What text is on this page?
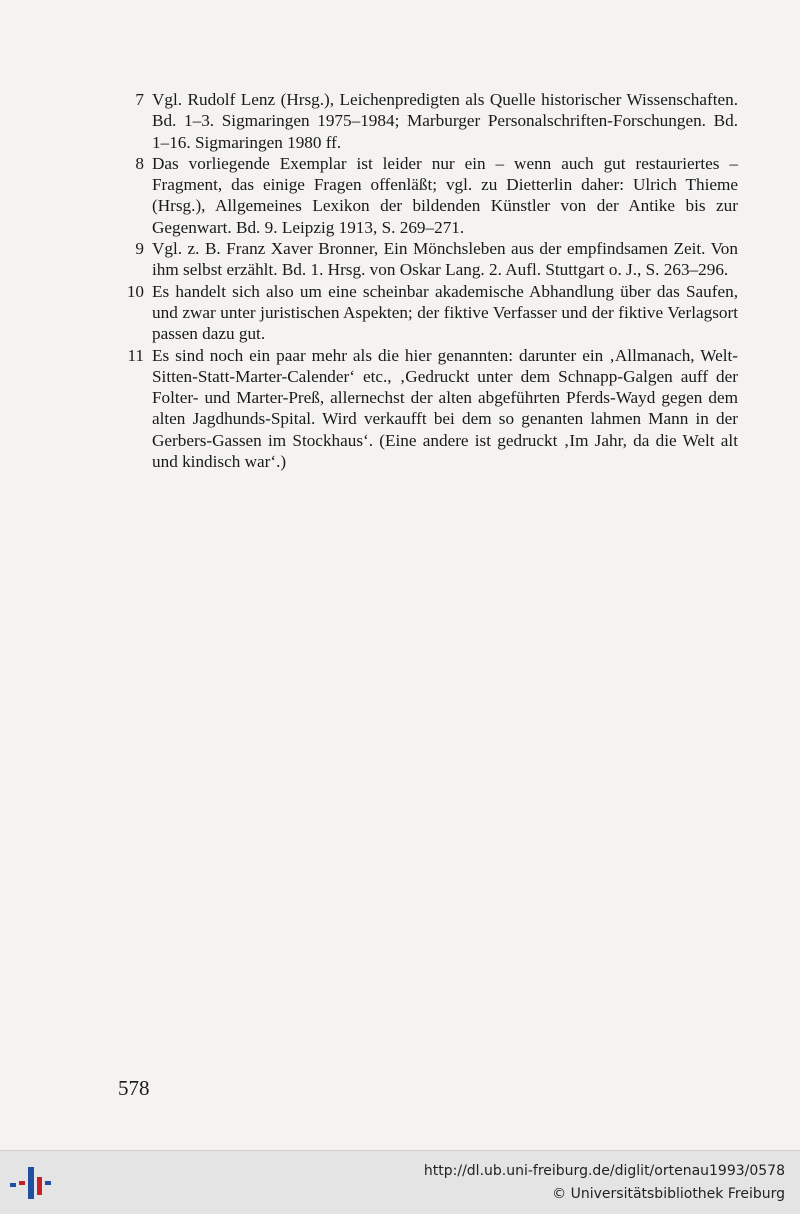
7 Vgl. Rudolf Lenz (Hrsg.), Leichenpredigten als Quelle historischer Wissenschaften. Bd. 1–3. Sigmaringen 1975–1984; Marburger Personalschriften-Forschungen. Bd. 1–16. Sigmaringen 1980 ff.
8 Das vorliegende Exemplar ist leider nur ein – wenn auch gut restauriertes – Fragment, das einige Fragen offenläßt; vgl. zu Dietterlin daher: Ulrich Thieme (Hrsg.), Allgemeines Lexikon der bildenden Künstler von der Antike bis zur Gegenwart. Bd. 9. Leipzig 1913, S. 269–271.
9 Vgl. z. B. Franz Xaver Bronner, Ein Mönchsleben aus der empfindsamen Zeit. Von ihm selbst erzählt. Bd. 1. Hrsg. von Oskar Lang. 2. Aufl. Stuttgart o. J., S. 263–296.
10 Es handelt sich also um eine scheinbar akademische Abhandlung über das Saufen, und zwar unter juristischen Aspekten; der fiktive Verfasser und der fiktive Verlagsort passen dazu gut.
11 Es sind noch ein paar mehr als die hier genannten: darunter ein ‚Allmanach, Welt-Sitten-Statt-Marter-Calender‘ etc., ‚Gedruckt unter dem Schnapp-Galgen auff der Folter- und Marter-Preß, allernechst der alten abgeführten Pferds-Wayd gegen dem alten Jagdhunds-Spital. Wird verkaufft bei dem so genanten lahmen Mann in der Gerbers-Gassen im Stockhaus‘. (Eine andere ist gedruckt ‚Im Jahr, da die Welt alt und kindisch war‘.)
578
http://dl.ub.uni-freiburg.de/diglit/ortenau1993/0578
© Universitätsbibliothek Freiburg
